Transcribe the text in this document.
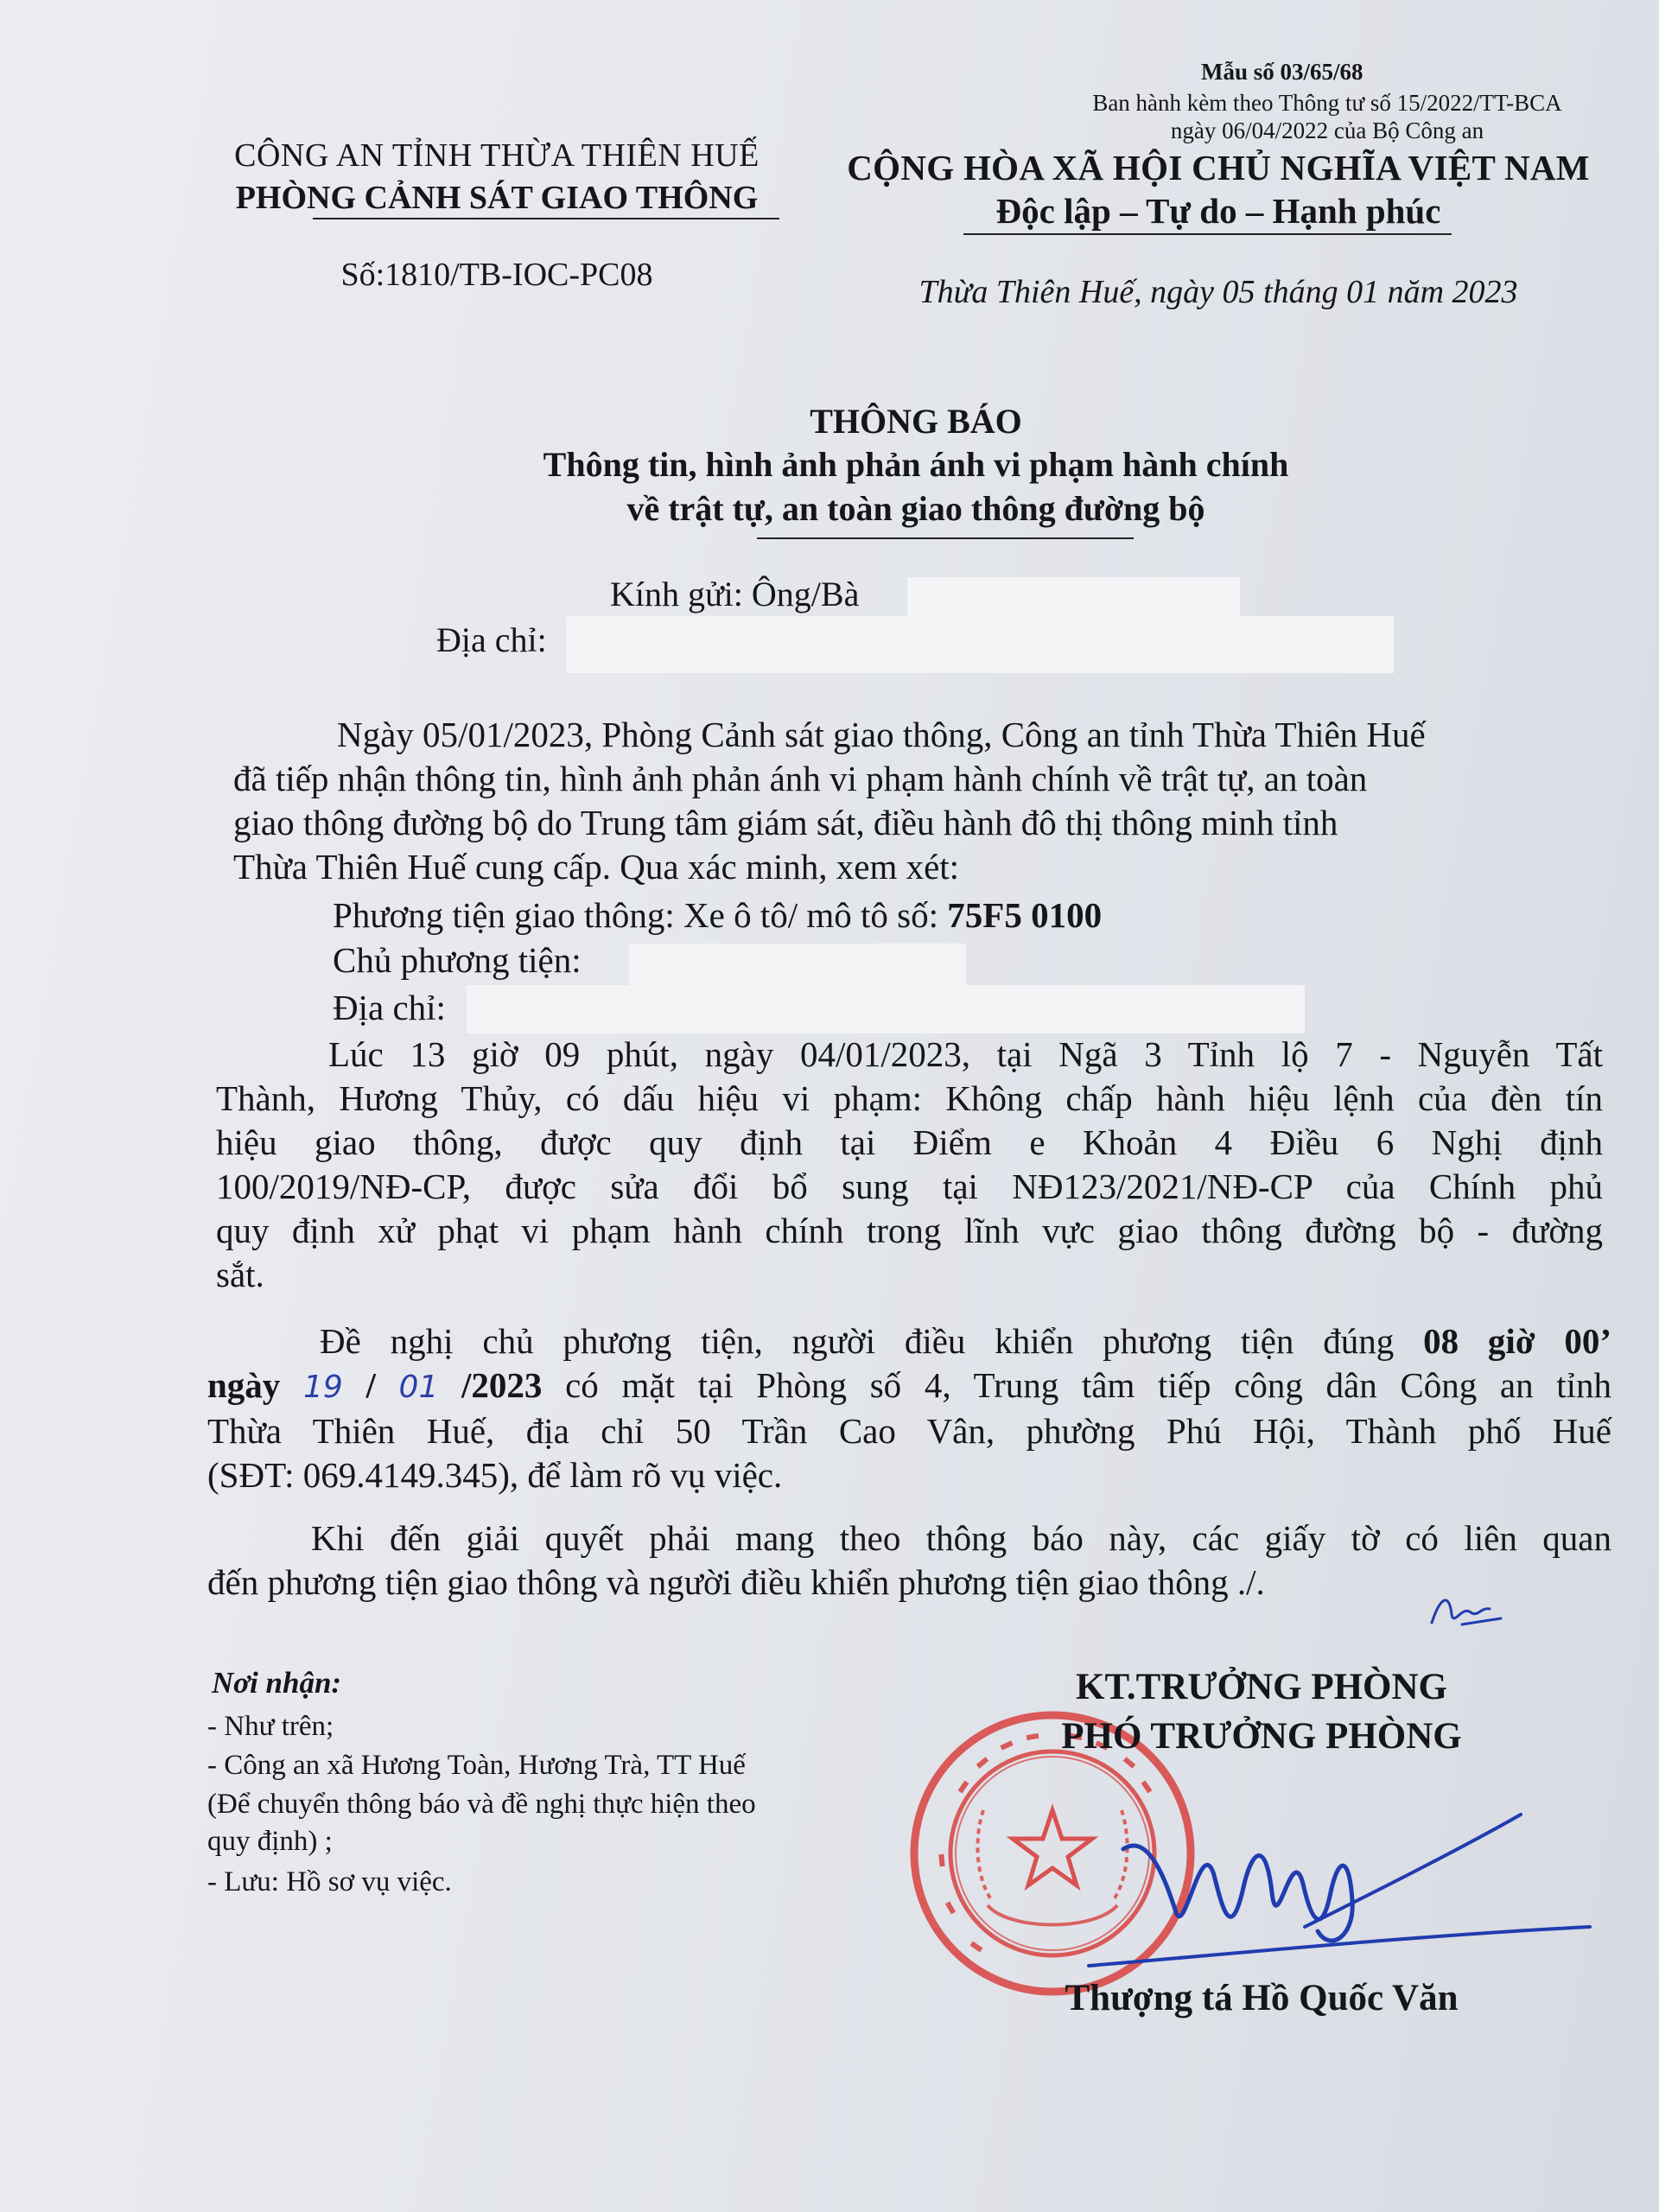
CÔNG AN TỈNH THỪA THIÊN HUẾ
PHÒNG CẢNH SÁT GIAO THÔNG
Số:1810/TB-IOC-PC08
Mẫu số 03/65/68
Ban hành kèm theo Thông tư số 15/2022/TT-BCA
ngày 06/04/2022 của Bộ Công an
CỘNG HÒA XÃ HỘI CHỦ NGHĨA VIỆT NAM
Độc lập – Tự do – Hạnh phúc
Thừa Thiên Huế, ngày 05 tháng 01 năm 2023
THÔNG BÁO
Thông tin, hình ảnh phản ánh vi phạm hành chính
về trật tự, an toàn giao thông đường bộ
Kính gửi: Ông/Bà
Địa chỉ:
Ngày 05/01/2023, Phòng Cảnh sát giao thông, Công an tỉnh Thừa Thiên Huế
đã tiếp nhận thông tin, hình ảnh phản ánh vi phạm hành chính về trật tự, an toàn
giao thông đường bộ do Trung tâm giám sát, điều hành đô thị thông minh tỉnh
Thừa Thiên Huế cung cấp. Qua xác minh, xem xét:
Phương tiện giao thông: Xe ô tô/ mô tô số: 75F5 0100
Chủ phương tiện:
Địa chỉ:
Lúc 13 giờ 09 phút, ngày 04/01/2023, tại Ngã 3 Tỉnh lộ 7 - Nguyễn Tất
Thành, Hương Thủy, có dấu hiệu vi phạm: Không chấp hành hiệu lệnh của đèn tín
hiệu giao thông, được quy định tại Điểm e Khoản 4 Điều 6 Nghị định
100/2019/NĐ-CP, được sửa đổi bổ sung tại NĐ123/2021/NĐ-CP của Chính phủ
quy định xử phạt vi phạm hành chính trong lĩnh vực giao thông đường bộ - đường
sắt.
Đề nghị chủ phương tiện, người điều khiển phương tiện đúng 08 giờ 00’
ngày 19 / 01 /2023 có mặt tại Phòng số 4, Trung tâm tiếp công dân Công an tỉnh
Thừa Thiên Huế, địa chỉ 50 Trần Cao Vân, phường Phú Hội, Thành phố Huế
(SĐT: 069.4149.345), để làm rõ vụ việc.
Khi đến giải quyết phải mang theo thông báo này, các giấy tờ có liên quan
đến phương tiện giao thông và người điều khiển phương tiện giao thông ./.
Nơi nhận:
- Như trên;
- Công an xã Hương Toàn, Hương Trà, TT Huế
(Để chuyển thông báo và đề nghị thực hiện theo
quy định) ;
- Lưu: Hồ sơ vụ việc.
KT.TRƯỞNG PHÒNG
PHÓ TRƯỞNG PHÒNG
Thượng tá Hồ Quốc Văn
